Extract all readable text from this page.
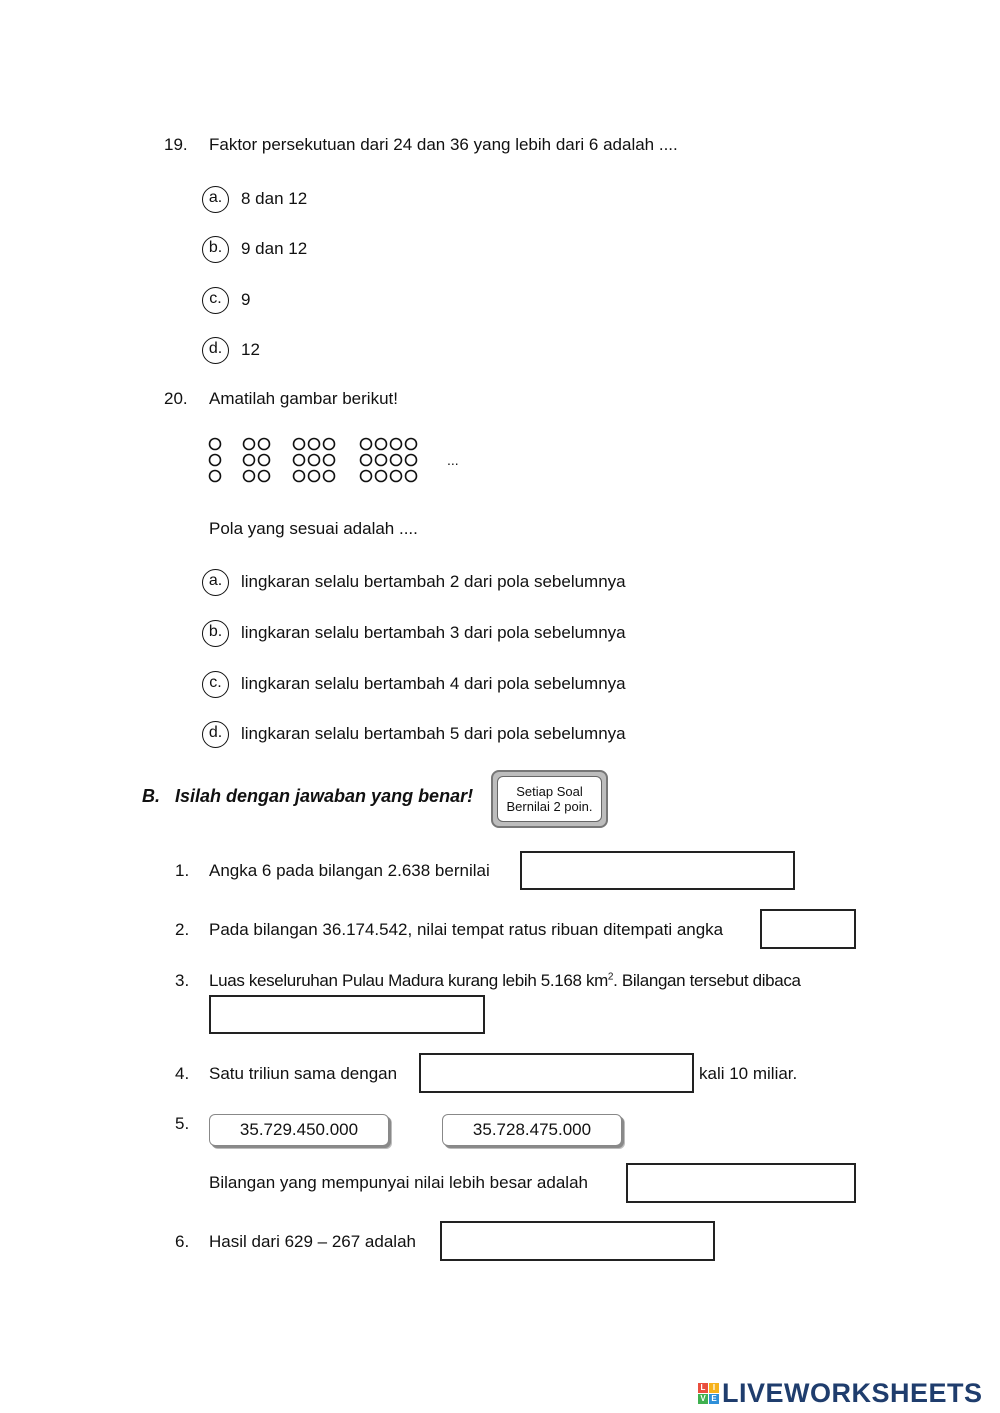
19. Faktor persekutuan dari 24 dan 36 yang lebih dari 6 adalah ....
a.	8 dan 12
b.	9 dan 12
c.	9
d.	12
20. Amatilah gambar berikut!
...
Pola yang sesuai adalah ....
a.	lingkaran selalu bertambah 2 dari pola sebelumnya
b.	lingkaran selalu bertambah 3 dari pola sebelumnya
c.	lingkaran selalu bertambah 4 dari pola sebelumnya
d.	lingkaran selalu bertambah 5 dari pola sebelumnya
B.   Isilah dengan jawaban yang benar!	Setiap Soal
Bernilai 2 poin.
1. Angka 6 pada bilangan 2.638 bernilai
2. Pada bilangan 36.174.542, nilai tempat ratus ribuan ditempati angka
3. Luas keseluruhan Pulau Madura kurang lebih 5.168 $km^2$. Bilangan tersebut dibaca
4. Satu triliun sama dengan	kali 10 miliar.
5.	35.729.450.000	35.728.475.000
Bilangan yang mempunyai nilai lebih besar adalah
6. Hasil dari 629 – 267 adalah
L I
V E LIVEWORKSHEETS
